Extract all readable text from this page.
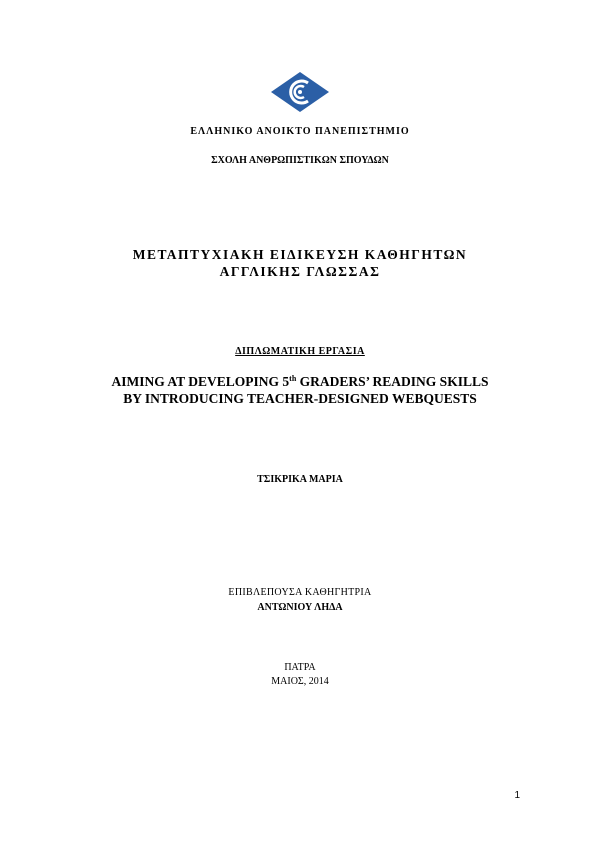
ΕΛΛΗΝΙΚΟ ΑΝΟΙΚΤΟ ΠΑΝΕΠΙΣΤΗΜΙΟ
ΣΧΟΛΗ ΑΝΘΡΩΠΙΣΤΙΚΩΝ ΣΠΟΥΔΩΝ
ΜΕΤΑΠΤΥΧΙΑΚΗ ΕΙΔΙΚΕΥΣΗ ΚΑΘΗΓΗΤΩΝ
ΑΓΓΛΙΚΗΣ ΓΛΩΣΣΑΣ
ΔΙΠΛΩΜΑΤΙΚΗ ΕΡΓΑΣΙΑ
AIMING AT DEVELOPING 5th GRADERS’ READING SKILLS
BY INTRODUCING TEACHER-DESIGNED WEBQUESTS
ΤΣΙΚΡΙΚΑ ΜΑΡΙΑ
ΕΠΙΒΛΕΠΟΥΣΑ ΚΑΘΗΓΗΤΡΙΑ
ΑΝΤΩΝΙΟΥ ΛΗΔΑ
ΠΑΤΡΑ
ΜΑΙΟΣ, 2014
1
